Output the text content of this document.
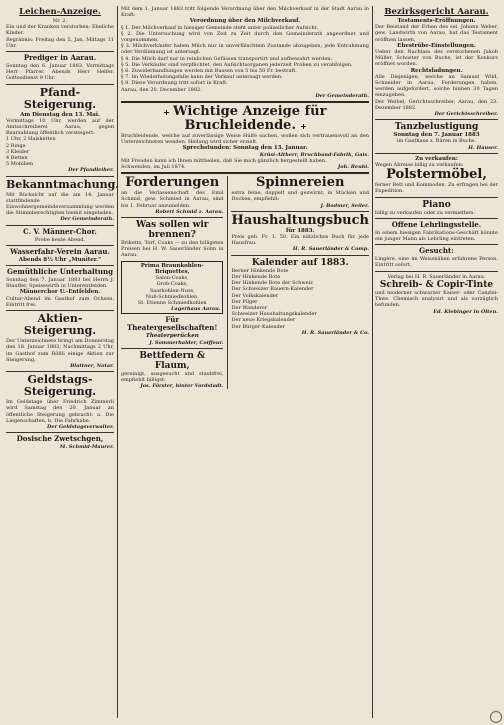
Leichen-Anzeige.
Nr. 2.

Ein und der Kranken verstorben: Eheliche Kinder.

Begräbnis: Freitag den 5. Jan. Mittags 11 Uhr.

Prediger in Aarau.

Sonntag den 6. Januar 1883. Vormittags Herr Pfarrer. Abends Herr Helfer. Gottesdienst 9 Uhr.

Pfand-Steigerung.
Am Dienstag den 13. Mai.

Vormittags 10 Uhr, werden auf der Amtsschreiberei Aarau, gegen Baarzahlung öffentlich versteigert:

1 Uhr, 2 Halsketten
2 Ringe
3 Kleider
4 Betten
5 Mobilien
Der Pfandleiher.
Bekanntmachung.

Mit Rücksicht auf die am 14. Januar stattfindende Einwohnergemeindeversammlung werden die Stimmberechtigten hiemit eingeladen.

Der Gemeinderath.
C. V. Männer-Chor.
Probe heute Abend.
Wasserfahr-Verein Aarau.
Abends 8½ Uhr „Muniter.“
Gemüthliche Unterhaltung

Sonntag den 7. Januar 1883 bei Herrn J. Stauffer, Speisewirth in Unterentfelden.

Männerchor U.-Entfelden.

Cultur-Abend im Gasthof zum Ochsen. Eintritt frei.

Aktien-Steigerung.

Der Unterzeichnete bringt am Donnerstag den 18. Januar 1883, Nachmittags 2 Uhr, im Gasthof zum Rößli einige Aktien zur Steigerung.

Blattner, Notar.
Geldstags-Steigerung.

Im Geldstage über Friedrich Zimmerli wird Samstag den 20. Januar an öffentliche Steigerung gebracht: a. Die Liegenschaften, b. Die Fahrhabe.

Der Geldstagsverwalter.
Dosische Zwetschgen,
M. Schmid-Maurer.

Mit dem 1. Januar 1883 tritt folgende Verordnung über den Milchverkauf in der Stadt Aarau in Kraft:

Verordnung über den Milchverkauf.

§ 1. Der Milchverkauf in hiesiger Gemeinde steht unter polizeilicher Aufsicht.

§ 2. Die Untersuchung wird von Zeit zu Zeit durch den Gemeinderath angeordnet und vorgenommen.

§ 3. Milchverkäufer haben Milch nur in unverfälschtem Zustande abzugeben; jede Entrahmung oder Verdünnung ist untersagt.

§ 4. Die Milch darf nur in reinlichen Gefässen transportirt und aufbewahrt werden.

§ 5. Die Verkäufer sind verpflichtet, den Aufsichtsorganen jederzeit Proben zu verabfolgen.

§ 6. Zuwiderhandlungen werden mit Bussen von 5 bis 50 Fr. bestraft.

§ 7. Im Wiederholungsfalle kann der Verkauf untersagt werden.

§ 8. Diese Verordnung tritt sofort in Kraft.

Aarau, den 20. December 1882.
Der Gemeinderath.
Wichtige Anzeige für Bruchleidende.

Bruchleidende, welche auf zuverlässige Weise Hülfe suchen, wollen sich vertrauensvoll an den Unterzeichneten wenden. Heilung wird sicher erzielt.

Sprechstunden: Sonntag den 13. Januar.
Krüsi-Altherr, Bruchband-Fabrik, Gais.

Mit Freuden kann ich Ihnen mittheilen, daß Sie mich gänzlich hergestellt haben.

Schwenden, im Juli 1874.	Joh. Reuhi.
Forderungen

an die Verlassenschaft des Emil Schmid, gew. Schmied in Aarau, sind bis 1. Februar anzumelden.

Robert Schmid z. Aarau.
Was sollen wir brennen?

Briketts, Torf, Coaks — zu den billigsten Preisen bei H. W. Sauerländer Sohn in Aarau.

Prima Braunkohlen-Briquettes,
Salon-Coaks,
Grob-Coaks,
Saarkohlen-Nuss,
Nuß-Schmiedkohlen,
St. Etienne Schmiedkohlen
Lagerhaus Aarau.
Für Theatergesellschaften!
Theaterperücken
J. Sommerhalder, Coiffeur.
Bettfedern & Flaum,

gereinigt, ausgesucht und staubfrei, empfiehlt billigst:

Jos. Förster, hinter Vordstadt.
Spinnereien

extra feine, doppelt und gezwirnt, in Stücken und Docken, empfiehlt:

J. Bodmer, Seiler.
Haushaltungsbuch
für 1883.

Preis geb. Fr. 1. 50. Ein nützliches Buch für jede Hausfrau.

H. R. Sauerländer & Comp.
Kalender auf 1883.
Berner Hinkende Bote
Der Hinkende Bote
Der Hinkende Bote der Schweiz
Der Schweizer Bauern-Kalender
Der Volkskalender
Der Pilger
Der Wanderer
Schweizer Haushaltungskalender
Der neue Kriegskalender
Der Bürger-Kalender
H. R. Sauerländer & Co.
Bezirksgericht Aarau.
Testaments-Eröffnungen.

Der Beistand der Erben des sel. Johann Weber, gew. Landwirth von Aarau, hat das Testament eröffnen lassen.

Ehestrübe-Einstellungen.

Ueber den Nachlass des verstorbenen Jakob Müller, Schuster von Buchs, ist der Konkurs eröffnet worden.

Rechtsladungen.

Alle Diejenigen, welche an Samuel Wild, Schneider in Aarau, Forderungen haben, werden aufgefordert, solche binnen 30 Tagen einzugeben.

Der Weibel, Gerichtsschreiber, Aarau, den 23. Dezember 1882.

Der Gerichtsschreiber.
Tanzbelustigung
Sonntag den 7. Januar 1883
im Gasthaus z. Bären in Buchs.
H. Hauser.
Zu verkaufen:

Wegen Abreise billig zu verkaufen:

Polstermöbel,

ferner Bett und Kommoden. Zu erfragen bei der Expedition.

Piano

billig zu verkaufen oder zu vermiethen.

Offene Lehrlingsstelle.

In einem hiesigen Fabrikations-Geschäft könnte ein junger Mann als Lehrling eintreten.

Gesucht:

Lingère, eine im Weissnähen erfahrene Person. Eintritt sofort.

Verlag bei H. R. Sauerländer in Aarau.
Schreib- & Copir-Tinte

und moderner schwarzer Kaiser- oder Canzlei-Tinte. Chemisch analysirt und als vorzüglich befunden.

Ed. Klebinger in Olten.
